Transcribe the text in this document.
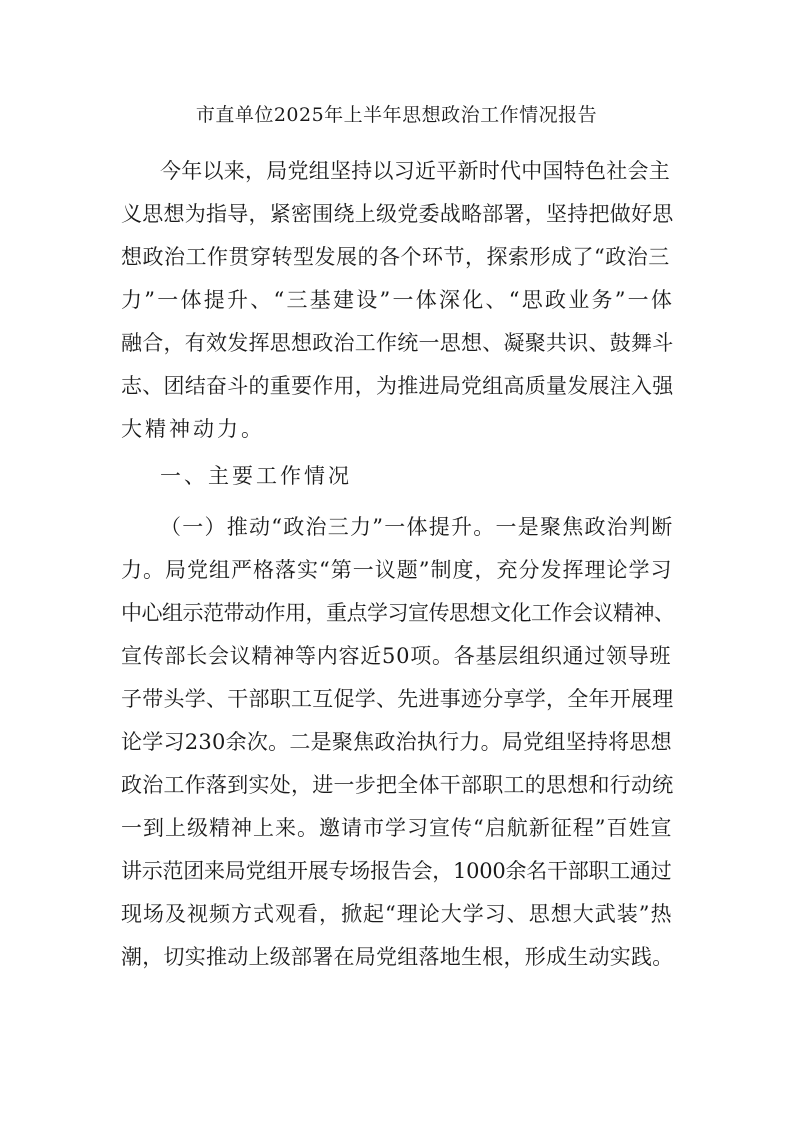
市直单位2025年上半年思想政治工作情况报告
今年以来，局党组坚持以习近平新时代中国特色社会主
义思想为指导，紧密围绕上级党委战略部署，坚持把做好思
想政治工作贯穿转型发展的各个环节，探索形成了“政治三
力”一体提升、“三基建设”一体深化、“思政业务”一体
融合，有效发挥思想政治工作统一思想、凝聚共识、鼓舞斗
志、团结奋斗的重要作用，为推进局党组高质量发展注入强
大精神动力。
一、主要工作情况
（一）推动“政治三力”一体提升。一是聚焦政治判断
力。局党组严格落实“第一议题”制度，充分发挥理论学习
中心组示范带动作用，重点学习宣传思想文化工作会议精神、
宣传部长会议精神等内容近50项。各基层组织通过领导班
子带头学、干部职工互促学、先进事迹分享学，全年开展理
论学习230余次。二是聚焦政治执行力。局党组坚持将思想
政治工作落到实处，进一步把全体干部职工的思想和行动统
一到上级精神上来。邀请市学习宣传“启航新征程”百姓宣
讲示范团来局党组开展专场报告会，1000余名干部职工通过
现场及视频方式观看，掀起“理论大学习、思想大武装”热
潮，切实推动上级部署在局党组落地生根，形成生动实践。
